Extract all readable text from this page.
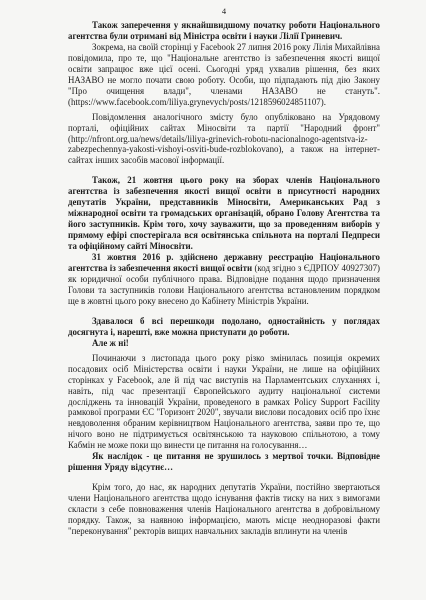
4

Також заперечення у якнайшвидшому початку роботи Національного агентства були отримані від Міністра освіти і науки Лілії Гриневич.

Зокрема, на своїй сторінці у Facebook 27 липня 2016 року Лілія Михайлівна повідомила, про те, що "Національне агентство із забезпечення якості вищої освіти запрацює вже цієї осені. Сьогодні уряд ухвалив рішення, без яких НАЗАВО не могло почати свою роботу. Особи, що підпадають під дію Закону "Про очищення влади", членами НАЗАВО не стануть". (https://www.facebook.com/liliya.grynevych/posts/1218596024851107).

Повідомлення аналогічного змісту було опубліковано на Урядовому порталі, офіційних сайтах Міносвіти та партії "Народний фронт" (http://nfront.org.ua/news/details/liliya-grinevich-robotu-nacionalnogo-agentstva-iz-zabezpechennya-yakosti-vishoyi-osviti-bude-rozblokovano), а також на інтернет-сайтах інших засобів масової інформації.

Також, 21 жовтня цього року на зборах членів Національного агентства із забезпечення якості вищої освіти в присутності народних депутатів України, представників Міносвіти, Американських Рад з міжнародної освіти та громадських організацій, обрано Голову Агентства та його заступників. Крім того, хочу зауважити, що за проведенням виборів у прямому ефірі спостерігала вся освітянська спільнота на порталі Педпреси та офіційному сайті Міносвіти.

31 жовтня 2016 р. здійснено державну реєстрацію Національного агентства із забезпечення якості вищої освіти (код згідно з ЄДРПОУ 40927307) як юридичної особи публічного права. Відповідне подання щодо призначення Голови та заступників голови Національного агентства встановленим порядком ще в жовтні цього року внесено до Кабінету Міністрів України.

Здавалося б всі перешкоди подолано, одностайність у поглядах досягнута і, нарешті, вже можна приступати до роботи.

Але ж ні!

Починаючи з листопада цього року різко змінилась позиція окремих посадових осіб Міністерства освіти і науки України, не лише на офіційних сторінках у Facebook, але й під час виступів на Парламентських слуханнях і, навіть, під час презентації Європейського аудиту національної системи досліджень та інновацій України, проведеного в рамках Policy Support Facility рамкової програми ЄС "Горизонт 2020", звучали вислови посадових осіб про їхнє невдоволення обраним керівництвом Національного агентства, заяви про те, що нічого воно не підтримується освітянською та науковою спільнотою, а тому Кабмін не може поки що винести це питання на голосування…

Як наслідок - це питання не зрушилось з мертвої точки. Відповідне рішення Уряду відсутнє…

Крім того, до нас, як народних депутатів України, постійно звертаються члени Національного агентства щодо існування фактів тиску на них з вимогами скласти з себе повноваження членів Національного агентства в добровільному порядку. Також, за наявною інформацією, мають місце неодноразові факти "переконування" ректорів вищих навчальних закладів вплинути на членів
